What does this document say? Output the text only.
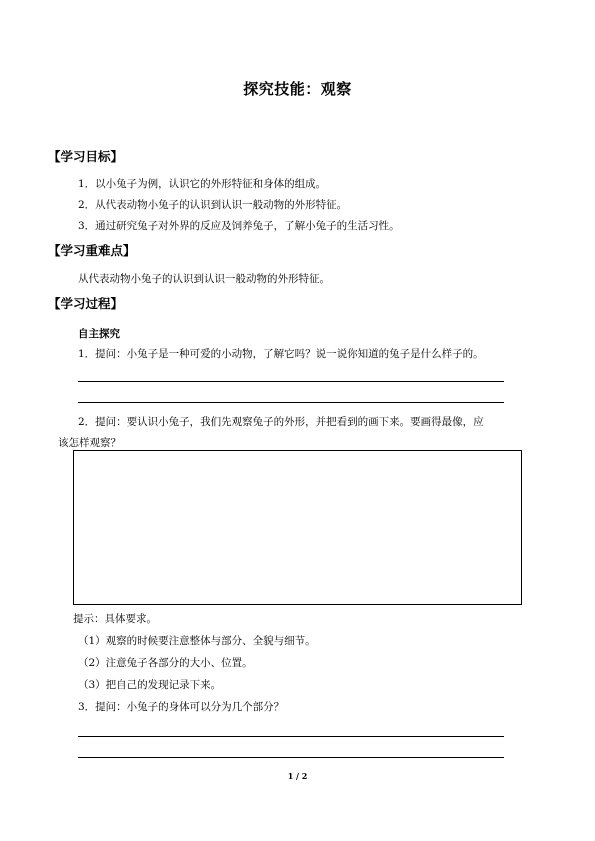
探究技能：观察
【学习目标】
1．以小兔子为例，认识它的外形特征和身体的组成。
2．从代表动物小兔子的认识到认识一般动物的外形特征。
3．通过研究兔子对外界的反应及饲养兔子，了解小兔子的生活习性。
【学习重难点】
从代表动物小兔子的认识到认识一般动物的外形特征。
【学习过程】
自主探究
1．提问：小兔子是一种可爱的小动物，了解它吗？说一说你知道的兔子是什么样子的。
2．提问：要认识小兔子，我们先观察兔子的外形，并把看到的画下来。要画得最像，应
该怎样观察？
提示：具体要求。
（1）观察的时候要注意整体与部分、全貌与细节。
（2）注意兔子各部分的大小、位置。
（3）把自己的发现记录下来。
3．提问：小兔子的身体可以分为几个部分？
1 / 2
